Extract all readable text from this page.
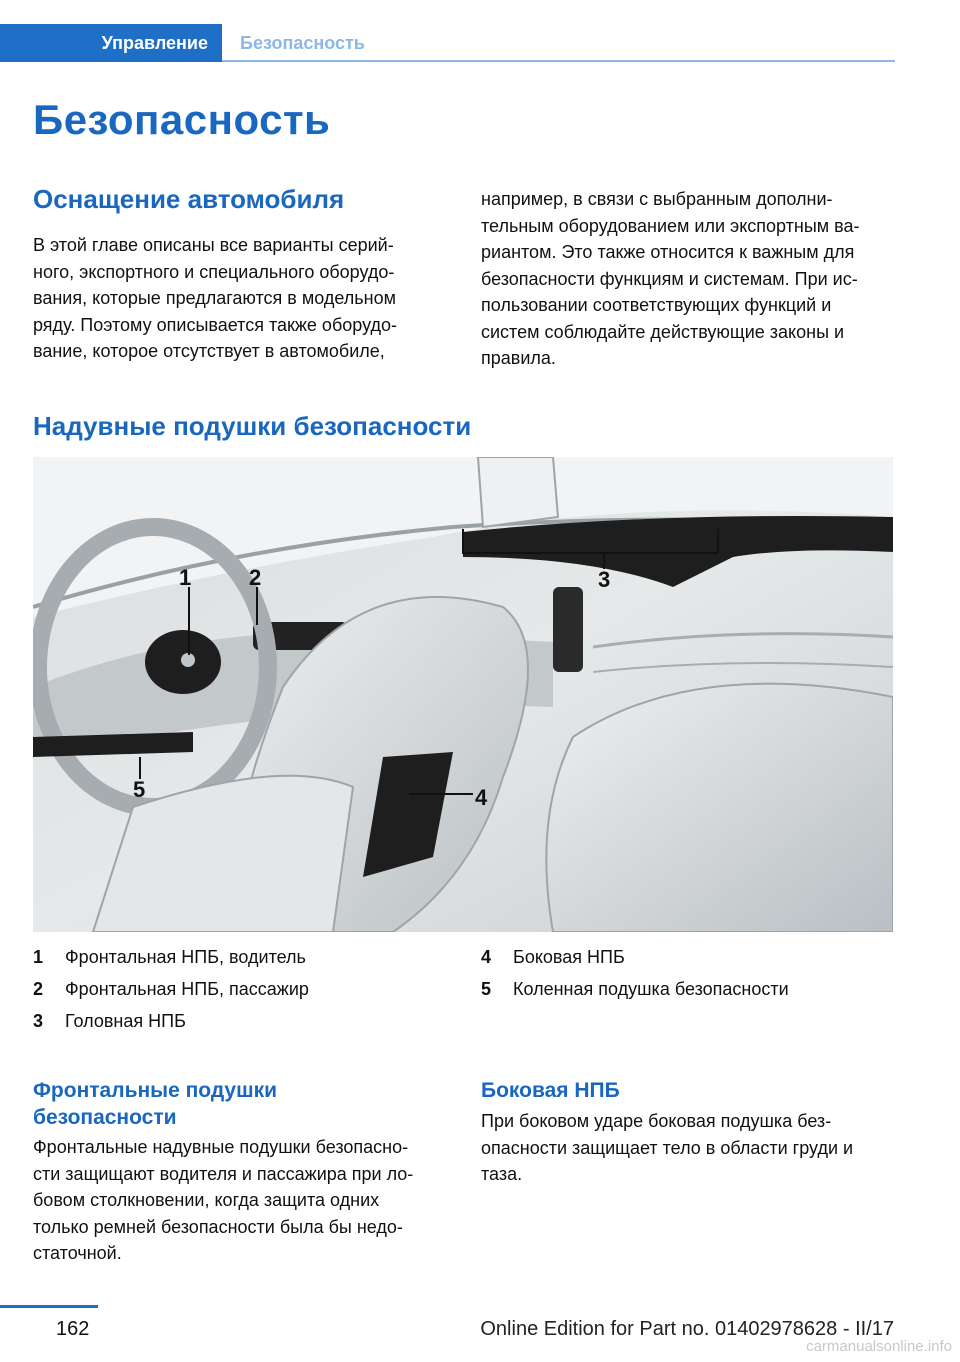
Управление	Безопасность
Безопасность
Оснащение автомобиля

В этой главе описаны все варианты серий-
ного, экспортного и специального оборудо-
вания, которые предлагаются в модельном
ряду. Поэтому описывается также оборудо-
вание, которое отсутствует в автомобиле,

например, в связи с выбранным дополни-
тельным оборудованием или экспортным ва-
риантом. Это также относится к важным для
безопасности функциям и системам. При ис-
пользовании соответствующих функций и
систем соблюдайте действующие законы и
правила.

Надувные подушки безопасности
1	2	3
4
5
1	Фронтальная НПБ, водитель
2	Фронтальная НПБ, пассажир
3	Головная НПБ
4	Боковая НПБ
5	Коленная подушка безопасности
Фронтальные подушки
безопасности

Фронтальные надувные подушки безопасно-
сти защищают водителя и пассажира при ло-
бовом столкновении, когда защита одних
только ремней безопасности была бы недо-
статочной.

Боковая НПБ

При боковом ударе боковая подушка без-
опасности защищает тело в области груди и
таза.

162	Online Edition for Part no. 01402978628 - II/17
carmanualsonline.info
